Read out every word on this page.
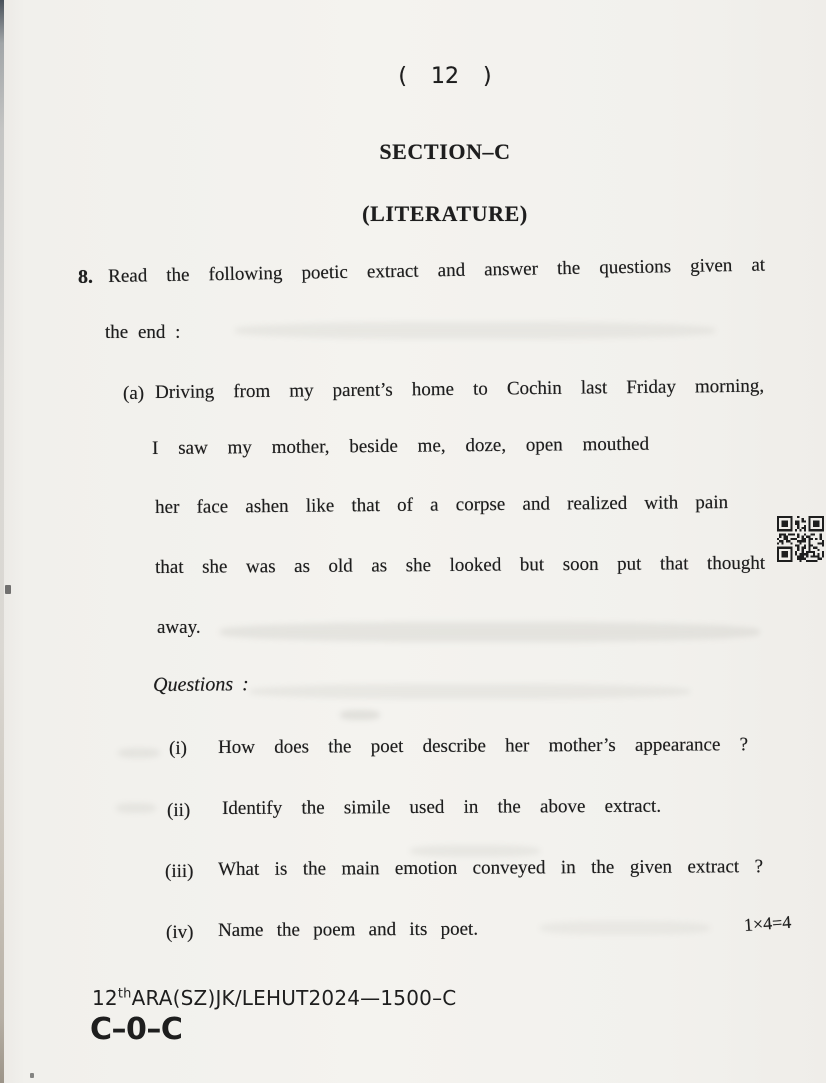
( 12 )
SECTION–C
(LITERATURE)
8. Read the following poetic extract and answer the questions given at
the end :
(a) Driving from my parent’s home to Cochin last Friday morning,
I saw my mother, beside me, doze, open mouthed
her face ashen like that of a corpse and realized with pain
that she was as old as she looked but soon put that thought
away.
Questions :
(i) How does the poet describe her mother’s appearance ?
(ii) Identify the simile used in the above extract.
(iii) What is the main emotion conveyed in the given extract ?
(iv) Name the poem and its poet.	1×4=4
12thARA(SZ)JK/LEHUT2024—1500–C
C–0–C
